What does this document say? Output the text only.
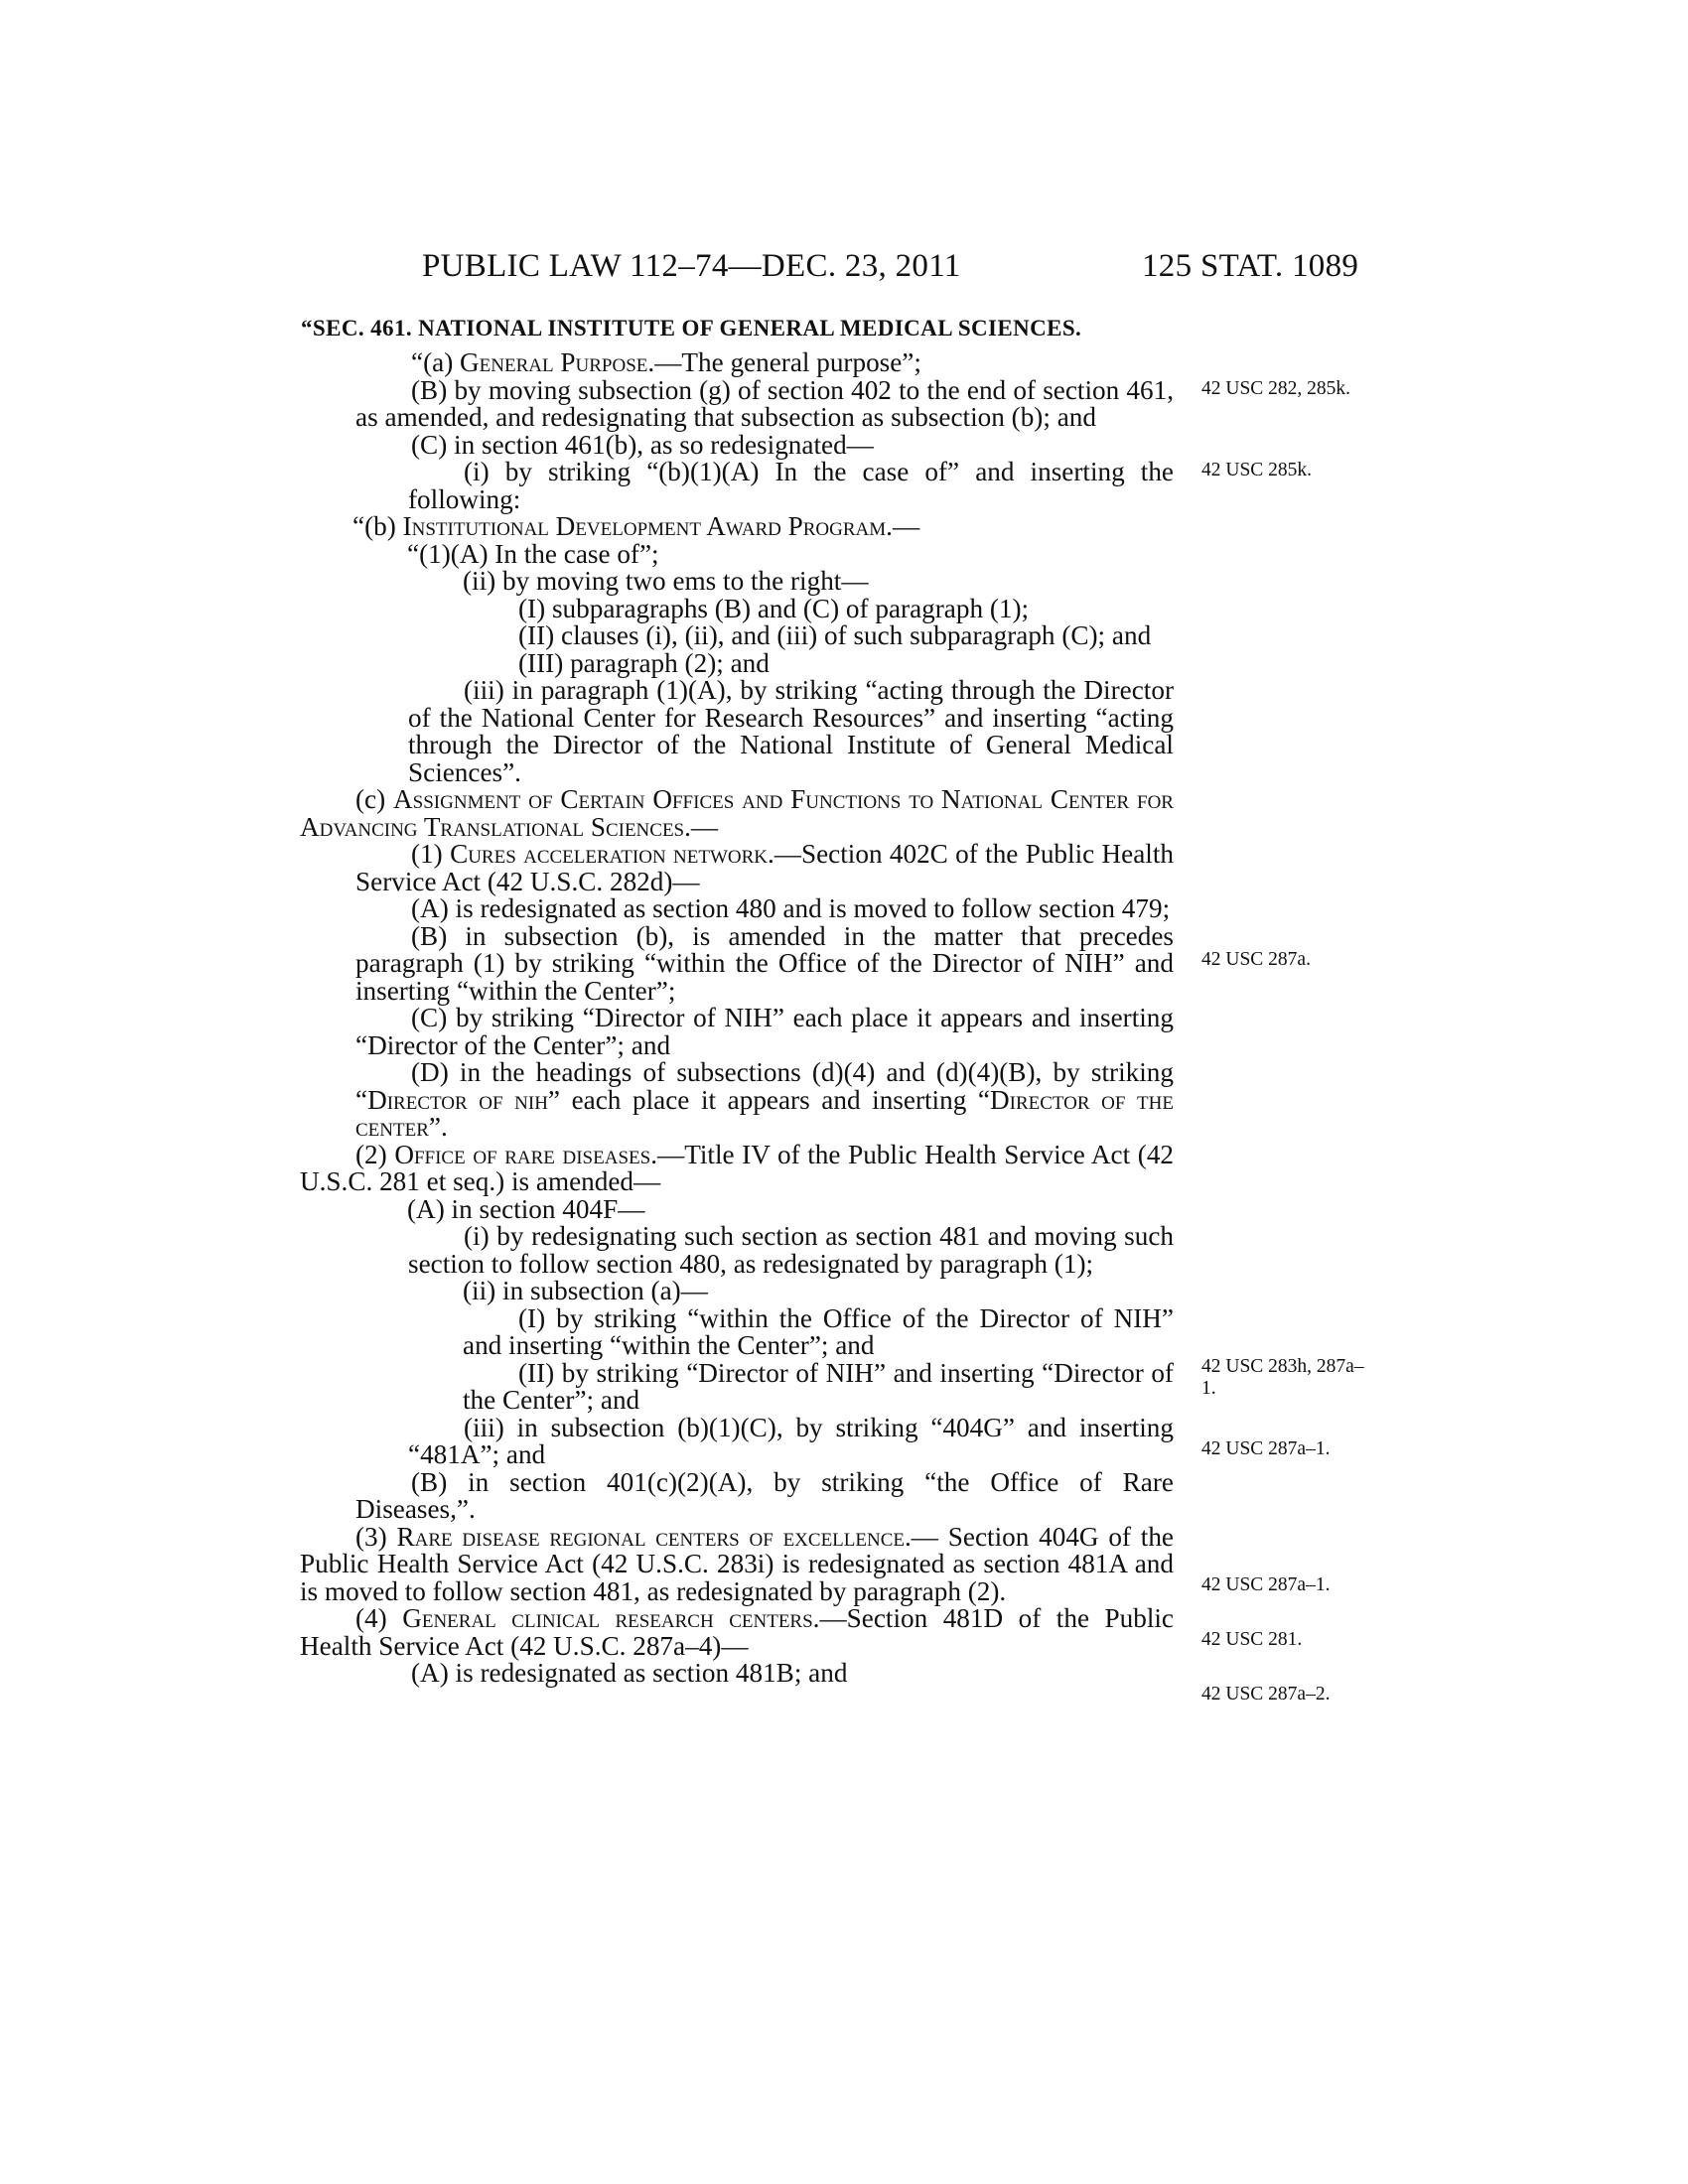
PUBLIC LAW 112–74—DEC. 23, 2011	125 STAT. 1089
“SEC. 461. NATIONAL INSTITUTE OF GENERAL MEDICAL SCIENCES.

“(a) General Purpose.—The general purpose”;

(B) by moving subsection (g) of section 402 to the end of section 461, as amended, and redesignating that subsection as subsection (b); and

(C) in section 461(b), as so redesignated—

(i) by striking “(b)(1)(A) In the case of” and inserting the following:

“(b) Institutional Development Award Program.—

“(1)(A) In the case of”;

(ii) by moving two ems to the right—

(I) subparagraphs (B) and (C) of paragraph (1);

(II) clauses (i), (ii), and (iii) of such subparagraph (C); and

(III) paragraph (2); and

(iii) in paragraph (1)(A), by striking “acting through the Director of the National Center for Research Resources” and inserting “acting through the Director of the National Institute of General Medical Sciences”.

(c) Assignment of Certain Offices and Functions to National Center for Advancing Translational Sciences.—

(1) Cures acceleration network.—Section 402C of the Public Health Service Act (42 U.S.C. 282d)—

(A) is redesignated as section 480 and is moved to follow section 479;

(B) in subsection (b), is amended in the matter that precedes paragraph (1) by striking “within the Office of the Director of NIH” and inserting “within the Center”;

(C) by striking “Director of NIH” each place it appears and inserting “Director of the Center”; and

(D) in the headings of subsections (d)(4) and (d)(4)(B), by striking “Director of nih” each place it appears and inserting “Director of the center”.

(2) Office of rare diseases.—Title IV of the Public Health Service Act (42 U.S.C. 281 et seq.) is amended—

(A) in section 404F—

(i) by redesignating such section as section 481 and moving such section to follow section 480, as redesignated by paragraph (1);

(ii) in subsection (a)—

(I) by striking “within the Office of the Director of NIH” and inserting “within the Center”; and

(II) by striking “Director of NIH” and inserting “Director of the Center”; and

(iii) in subsection (b)(1)(C), by striking “404G” and inserting “481A”; and

(B) in section 401(c)(2)(A), by striking “the Office of Rare Diseases,”.

(3) Rare disease regional centers of excellence.— Section 404G of the Public Health Service Act (42 U.S.C. 283i) is redesignated as section 481A and is moved to follow section 481, as redesignated by paragraph (2).

(4) General clinical research centers.—Section 481D of the Public Health Service Act (42 U.S.C. 287a–4)—

(A) is redesignated as section 481B; and

42 USC 282, 285k.
42 USC 285k.
42 USC 287a.
42 USC 283h, 287a–1.
42 USC 287a–1.
42 USC 287a–1.
42 USC 281.
42 USC 287a–2.
